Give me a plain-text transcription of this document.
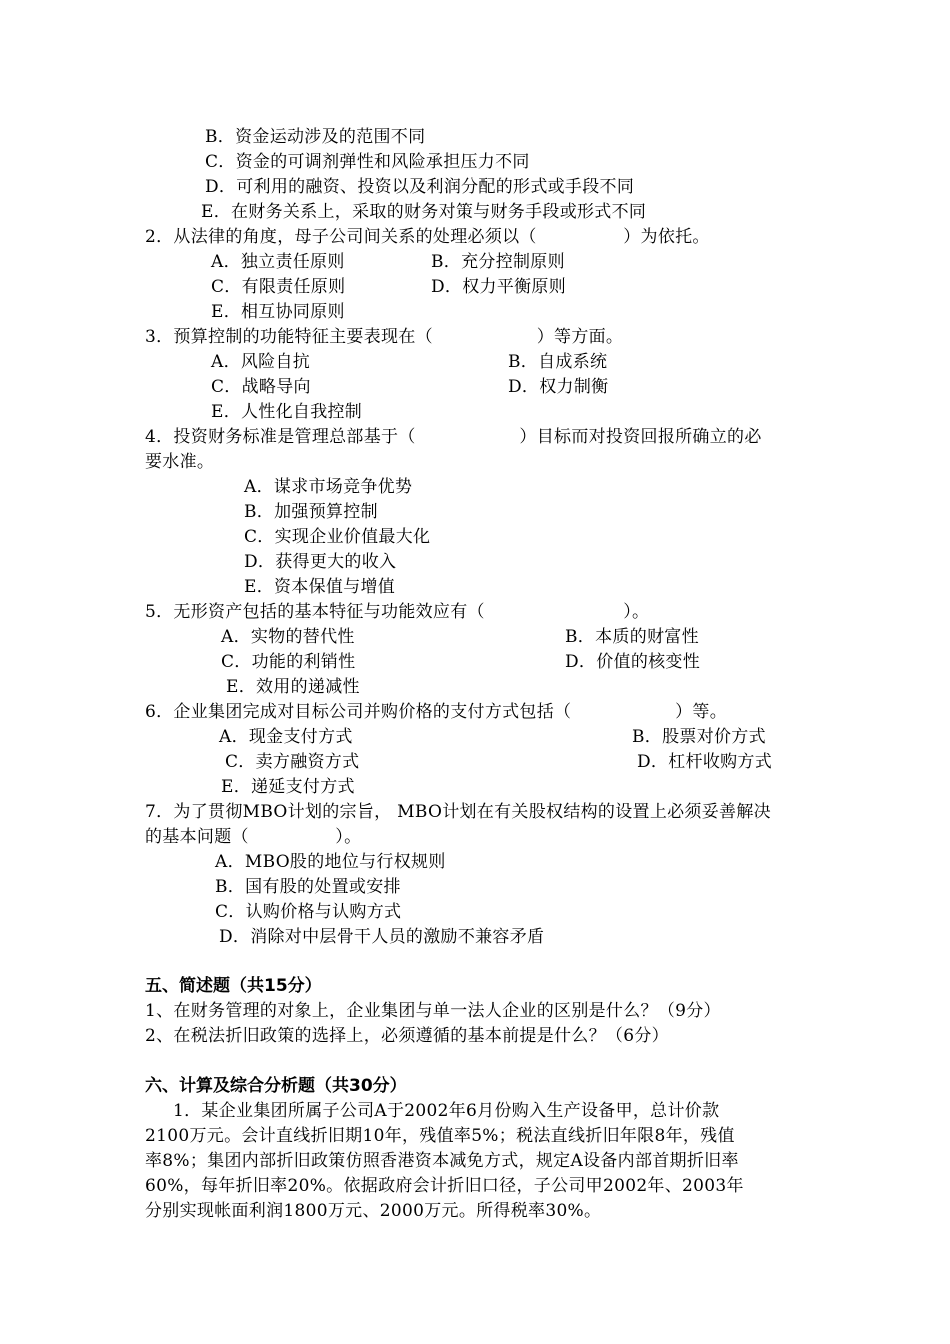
B．资金运动涉及的范围不同
C．资金的可调剂弹性和风险承担压力不同
D．可利用的融资、投资以及利润分配的形式或手段不同
E．在财务关系上，采取的财务对策与财务手段或形式不同
2．从法律的角度，母子公司间关系的处理必须以（　　　　　）为依托。
A．独立责任原则	B．充分控制原则
C．有限责任原则	D．权力平衡原则
E．相互协同原则
3．预算控制的功能特征主要表现在（　　　　　　）等方面。
A．风险自抗	B．自成系统
C．战略导向	D．权力制衡
E．人性化自我控制
4．投资财务标准是管理总部基于（　　　　　　）目标而对投资回报所确立的必
要水准。
A．谋求市场竞争优势
B．加强预算控制
C．实现企业价值最大化
D．获得更大的收入
E．资本保值与增值
5．无形资产包括的基本特征与功能效应有（　　　　　　　　）。
A．实物的替代性	B．本质的财富性
C．功能的利销性	D．价值的核变性
E．效用的递减性
6．企业集团完成对目标公司并购价格的支付方式包括（　　　　　　）等。
A．现金支付方式	B．股票对价方式
C．卖方融资方式	D．杠杆收购方式
E．递延支付方式
7．为了贯彻MBO计划的宗旨， MBO计划在有关股权结构的设置上必须妥善解决
的基本问题（　　　　　）。
A．MBO股的地位与行权规则
B．国有股的处置或安排
C．认购价格与认购方式
D．消除对中层骨干人员的激励不兼容矛盾
五、简述题（共15分）
1、在财务管理的对象上，企业集团与单一法人企业的区别是什么？（9分）
2、在税法折旧政策的选择上，必须遵循的基本前提是什么？（6分）
六、计算及综合分析题（共30分）
1．某企业集团所属子公司A于2002年6月份购入生产设备甲，总计价款
2100万元。会计直线折旧期10年，残值率5%；税法直线折旧年限8年，残值
率8%；集团内部折旧政策仿照香港资本减免方式，规定A设备内部首期折旧率
60%，每年折旧率20%。依据政府会计折旧口径，子公司甲2002年、2003年
分别实现帐面利润1800万元、2000万元。所得税率30%。
